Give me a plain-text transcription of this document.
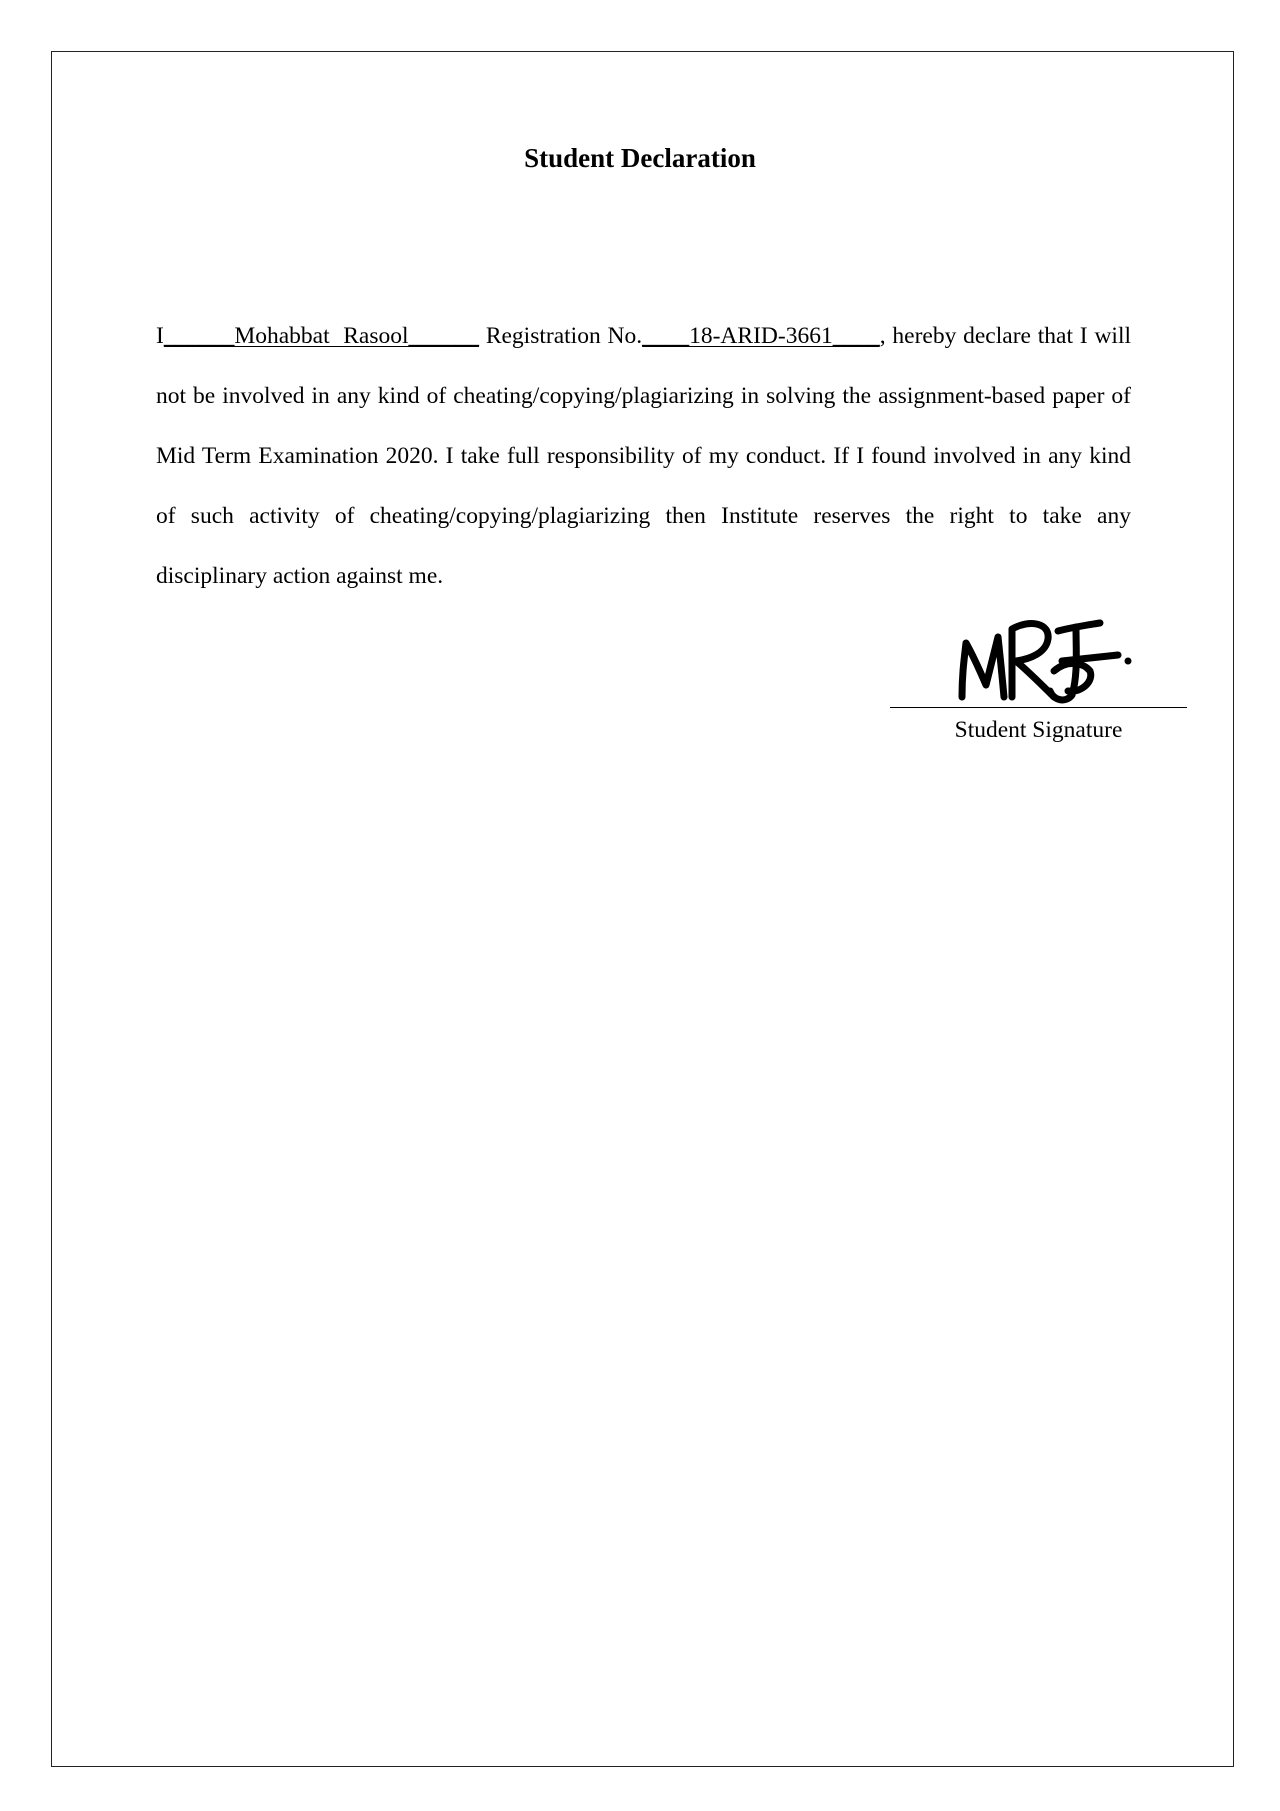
Student Declaration

I______Mohabbat  Rasool______ Registration No.____18-ARID-3661____, hereby declare that I will not be involved in any kind of cheating/copying/plagiarizing in solving the assignment-based paper of Mid Term Examination 2020. I take full responsibility of my conduct. If I found involved in any kind of such activity of cheating/copying/plagiarizing then Institute reserves the right to take any disciplinary action against me.

Student Signature
